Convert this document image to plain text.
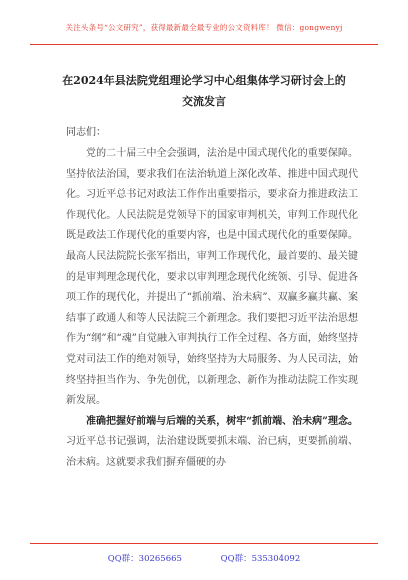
关注头条号“公文研究”，获得最新最全最专业的公文资料库！ 微信：gongwenyj
在2024年县法院党组理论学习中心组集体学习研讨会上的
交流发言
同志们：

党的二十届三中全会强调，法治是中国式现代化的重要保障。坚持依法治国，要求我们在法治轨道上深化改革、推进中国式现代化。习近平总书记对政法工作作出重要指示，要求奋力推进政法工作现代化。人民法院是党领导下的国家审判机关，审判工作现代化既是政法工作现代化的重要内容，也是中国式现代化的重要保障。最高人民法院院长张军指出，审判工作现代化，最首要的、最关键的是审判理念现代化，要求以审判理念现代化统领、引导、促进各项工作的现代化，并提出了“抓前端、治未病”、双赢多赢共赢、案结事了政通人和等人民法院三个新理念。我们要把习近平法治思想作为“纲”和“魂”自觉融入审判执行工作全过程、各方面，始终坚持党对司法工作的绝对领导，始终坚持为大局服务、为人民司法，始终坚持担当作为、争先创优，以新理念、新作为推动法院工作实现新发展。

准确把握好前端与后端的关系，树牢“抓前端、治未病”理念。习近平总书记强调，法治建设既要抓末端、治已病，更要抓前端、治未病。这就要求我们摒弃僵硬的办

QQ群：30265665	QQ群：535304092
